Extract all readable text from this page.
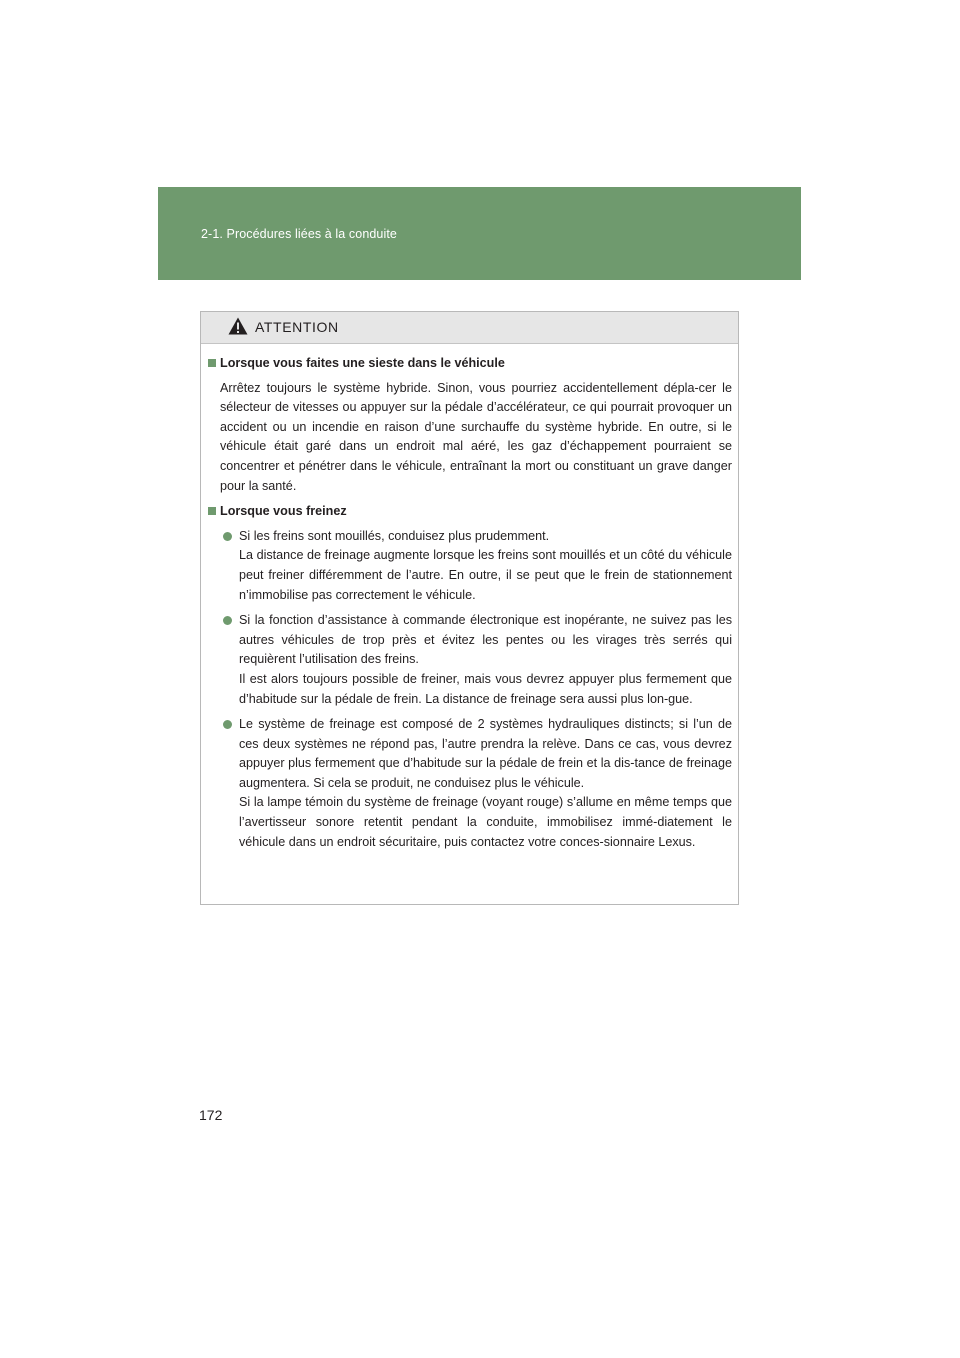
2-1. Procédures liées à la conduite
ATTENTION
Lorsque vous faites une sieste dans le véhicule

Arrêtez toujours le système hybride. Sinon, vous pourriez accidentellement dépla-cer le sélecteur de vitesses ou appuyer sur la pédale d’accélérateur, ce qui pourrait provoquer un accident ou un incendie en raison d’une surchauffe du système hybride. En outre, si le véhicule était garé dans un endroit mal aéré, les gaz d’échappement pourraient se concentrer et pénétrer dans le véhicule, entraînant la mort ou constituant un grave danger pour la santé.

Lorsque vous freinez

Si les freins sont mouillés, conduisez plus prudemment.

La distance de freinage augmente lorsque les freins sont mouillés et un côté du véhicule peut freiner différemment de l’autre. En outre, il se peut que le frein de stationnement n’immobilise pas correctement le véhicule.

Si la fonction d’assistance à commande électronique est inopérante, ne suivez pas les autres véhicules de trop près et évitez les pentes ou les virages très serrés qui requièrent l’utilisation des freins.

Il est alors toujours possible de freiner, mais vous devrez appuyer plus fermement que d’habitude sur la pédale de frein. La distance de freinage sera aussi plus lon-gue.

Le système de freinage est composé de 2 systèmes hydrauliques distincts; si l’un de ces deux systèmes ne répond pas, l’autre prendra la relève. Dans ce cas, vous devrez appuyer plus fermement que d’habitude sur la pédale de frein et la dis-tance de freinage augmentera. Si cela se produit, ne conduisez plus le véhicule.

Si la lampe témoin du système de freinage (voyant rouge) s’allume en même temps que l’avertisseur sonore retentit pendant la conduite, immobilisez immé-diatement le véhicule dans un endroit sécuritaire, puis contactez votre conces-sionnaire Lexus.

172
